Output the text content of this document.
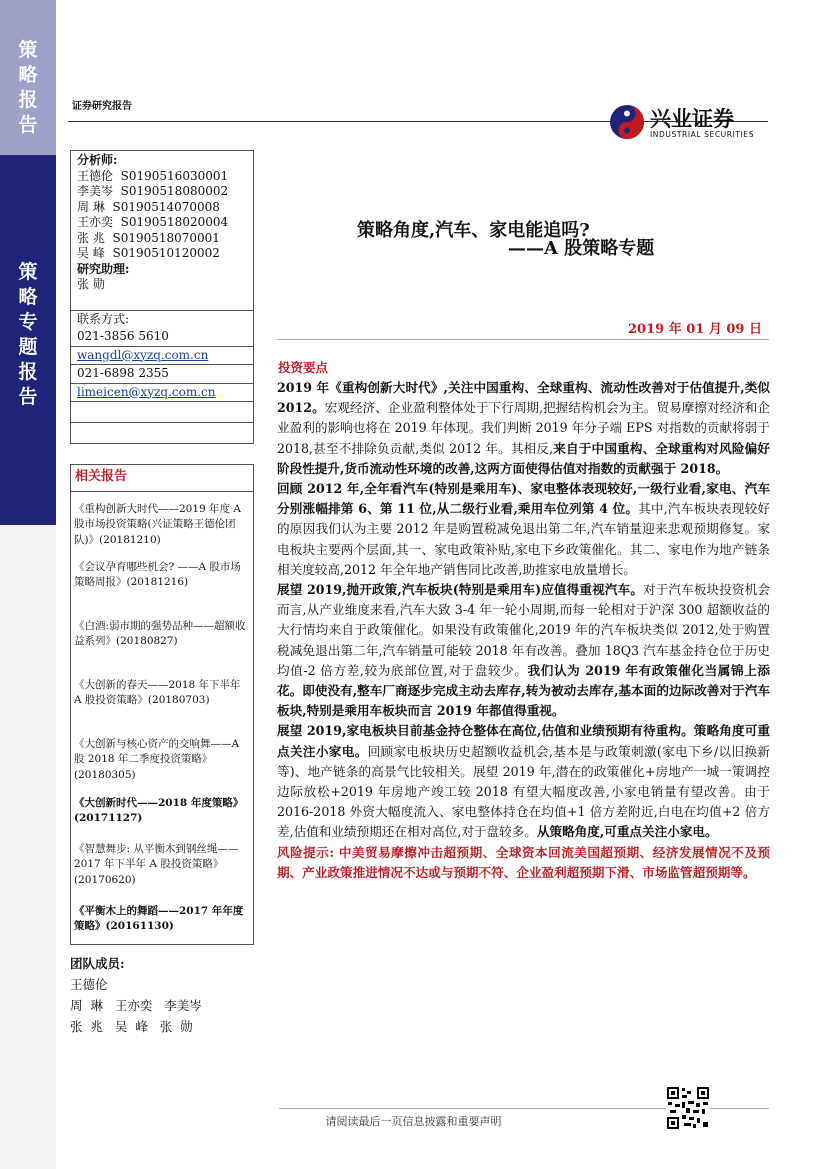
策
略
报
告
策
略
专
题
报
告
证券研究报告
兴业证券
INDUSTRIAL SECURITIES
分析师:
王德伦 S0190516030001
李美岑 S0190518080002
周 琳 S0190514070008
王亦奕 S0190518020004
张 兆 S0190518070001
吴 峰 S0190510120002
研究助理:
张 勋
联系方式:
021-3856 5610
wangdl@xyzq.com.cn
021-6898 2355
limeicen@xyzq.com.cn
相关报告
《重构创新大时代——2019 年度 A 股市场投资策略(兴证策略王德伦团队)》(20181210)
《会议孕育哪些机会? ——A 股市场策略周报》(20181216)
《白酒:弱市期的强势品种——超额收益系列》(20180827)
《大创新的春天——2018 年下半年 A 股投资策略》(20180703)
《大创新与核心资产的交响舞——A 股 2018 年二季度投资策略》(20180305)
《大创新时代——2018 年度策略》(20171127)
《智慧舞步: 从平衡木到钢丝绳——2017 年下半年 A 股投资策略》(20170620)
《平衡木上的舞蹈——2017 年年度策略》(20161130)
团队成员:
王德伦
周  琳   王亦奕   李美岑
张  兆   吴  峰   张  勋
策略角度,汽车、家电能追吗?
——A 股策略专题
2019 年 01 月 09 日
投资要点

2019 年《重构创新大时代》,关注中国重构、全球重构、流动性改善对于估值提升,类似 2012。宏观经济、企业盈利整体处于下行周期,把握结构机会为主。贸易摩擦对经济和企业盈利的影响也将在 2019 年体现。我们判断 2019 年分子端 EPS 对指数的贡献将弱于 2018,甚至不排除负贡献,类似 2012 年。其相反,来自于中国重构、全球重构对风险偏好阶段性提升,货币流动性环境的改善,这两方面使得估值对指数的贡献强于 2018。

回顾 2012 年,全年看汽车(特别是乘用车)、家电整体表现较好,一级行业看,家电、汽车分别涨幅排第 6、第 11 位,从二级行业看,乘用车位列第 4 位。其中,汽车板块表现较好的原因我们认为主要 2012 年是购置税减免退出第二年,汽车销量迎来悲观预期修复。家电板块主要两个层面,其一、家电政策补贴,家电下乡政策催化。其二、家电作为地产链条相关度较高,2012 年全年地产销售同比改善,助推家电放量增长。

展望 2019,抛开政策,汽车板块(特别是乘用车)应值得重视汽车。对于汽车板块投资机会而言,从产业维度来看,汽车大致 3-4 年一轮小周期,而每一轮相对于沪深 300 超额收益的大行情均来自于政策催化。如果没有政策催化,2019 年的汽车板块类似 2012,处于购置税减免退出第二年,汽车销量可能较 2018 年有改善。叠加 18Q3 汽车基金持仓位于历史均值-2 倍方差,较为底部位置,对于盘较少。我们认为 2019 年有政策催化当属锦上添花。即使没有,整车厂商逐步完成主动去库存,转为被动去库存,基本面的边际改善对于汽车板块,特别是乘用车板块而言 2019 年都值得重视。

展望 2019,家电板块目前基金持仓整体在高位,估值和业绩预期有待重构。策略角度可重点关注小家电。回顾家电板块历史超额收益机会,基本是与政策刺激(家电下乡/以旧换新等)、地产链条的高景气比较相关。展望 2019 年,潜在的政策催化+房地产一城一策调控边际放松+2019 年房地产竣工较 2018 有望大幅度改善,小家电销量有望改善。由于 2016-2018 外资大幅度流入、家电整体持仓在均值+1 倍方差附近,白电在均值+2 倍方差,估值和业绩预期还在相对高位,对于盘较多。从策略角度,可重点关注小家电。

风险提示: 中美贸易摩擦冲击超预期、全球资本回流美国超预期、经济发展情况不及预期、产业政策推进情况不达或与预期不符、企业盈利超预期下滑、市场监管超预期等。

请阅读最后一页信息披露和重要声明
